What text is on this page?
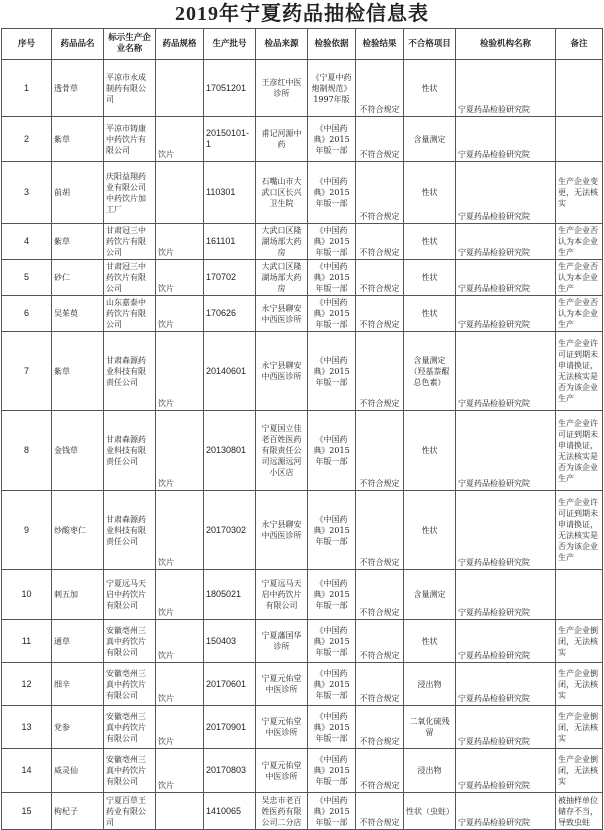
2019年宁夏药品抽检信息表
序号	药品品名	标示生产企业名称	药品规格	生产批号	检品来源	检验依据	检验结果	不合格项目	检验机构名称	备注
1	透骨草	平凉市永成制药有限公司		17051201	王彦红中医诊所	《宁夏中药炮制规范》1997年版	不符合规定	性状	宁夏药品检验研究院	
2	紫草	平凉市铸康中药饮片有限公司	饮片	20150101-1	甫记河源中药	《中国药典》2015年版一部	不符合规定	含量测定	宁夏药品检验研究院	
3	前胡	庆阳益翔药业有限公司中药饮片加工厂		110301	石嘴山市大武口区长兴卫生院	《中国药典》2015年版一部	不符合规定	性状	宁夏药品检验研究院	生产企业变更，无法核实
4	紫草	甘肃冠三中药饮片有限公司	饮片	161101	大武口区隆湖场部大药房	《中国药典》2015年版一部	不符合规定	性状	宁夏药品检验研究院	生产企业否认为本企业生产
5	砂仁	甘肃冠三中药饮片有限公司	饮片	170702	大武口区隆湖场部大药房	《中国药典》2015年版一部	不符合规定	性状	宁夏药品检验研究院	生产企业否认为本企业生产
6	吴茱萸	山东嘉泰中药饮片有限公司	饮片	170626	永宁县聊安中西医诊所	《中国药典》2015年版一部	不符合规定	性状	宁夏药品检验研究院	生产企业否认为本企业生产
7	紫草	甘肃森源药业科技有限责任公司	饮片	20140601	永宁县聊安中西医诊所	《中国药典》2015年版一部	不符合规定	含量测定（羟基萘醌总色素）	宁夏药品检验研究院	生产企业许可证到期未申请换证，无法核实是否为该企业生产
8	金钱草	甘肃森源药业科技有限责任公司	饮片	20130801	宁夏国立佳老百姓医药有限责任公司远源远河小区店	《中国药典》2015年版一部	不符合规定	性状	宁夏药品检验研究院	生产企业许可证到期未申请换证，无法核实是否为该企业生产
9	炒酸枣仁	甘肃森源药业科技有限责任公司	饮片	20170302	永宁县聊安中西医诊所	《中国药典》2015年版一部	不符合规定	性状	宁夏药品检验研究院	生产企业许可证到期未申请换证，无法核实是否为该企业生产
10	刺五加	宁夏远马天启中药饮片有限公司	饮片	1805021	宁夏远马天启中药饮片有限公司	《中国药典》2015年版一部	不符合规定	含量测定	宁夏药品检验研究院	
11	通草	安徽亳州三真中药饮片有限公司	饮片	150403	宁夏藩国华诊所	《中国药典》2015年版一部	不符合规定	性状	宁夏药品检验研究院	生产企业倒闭，无法核实
12	细辛	安徽亳州三真中药饮片有限公司	饮片	20170601	宁夏元佑堂中医诊所	《中国药典》2015年版一部	不符合规定	浸出物	宁夏药品检验研究院	生产企业倒闭，无法核实
13	党参	安徽亳州三真中药饮片有限公司	饮片	20170901	宁夏元佑堂中医诊所	《中国药典》2015年版一部	不符合规定	二氧化硫残留	宁夏药品检验研究院	生产企业倒闭，无法核实
14	威灵仙	安徽亳州三真中药饮片有限公司	饮片	20170803	宁夏元佑堂中医诊所	《中国药典》2015年版一部	不符合规定	浸出物	宁夏药品检验研究院	生产企业倒闭，无法核实
15	枸杞子	宁夏百草王药业有限公司		1410065	吴忠市老百姓医药有限公司二分店	《中国药典》2015年版一部	不符合规定	性状（虫蛀）	宁夏药品检验研究院	被抽样单位储存不当，导致虫蛀
